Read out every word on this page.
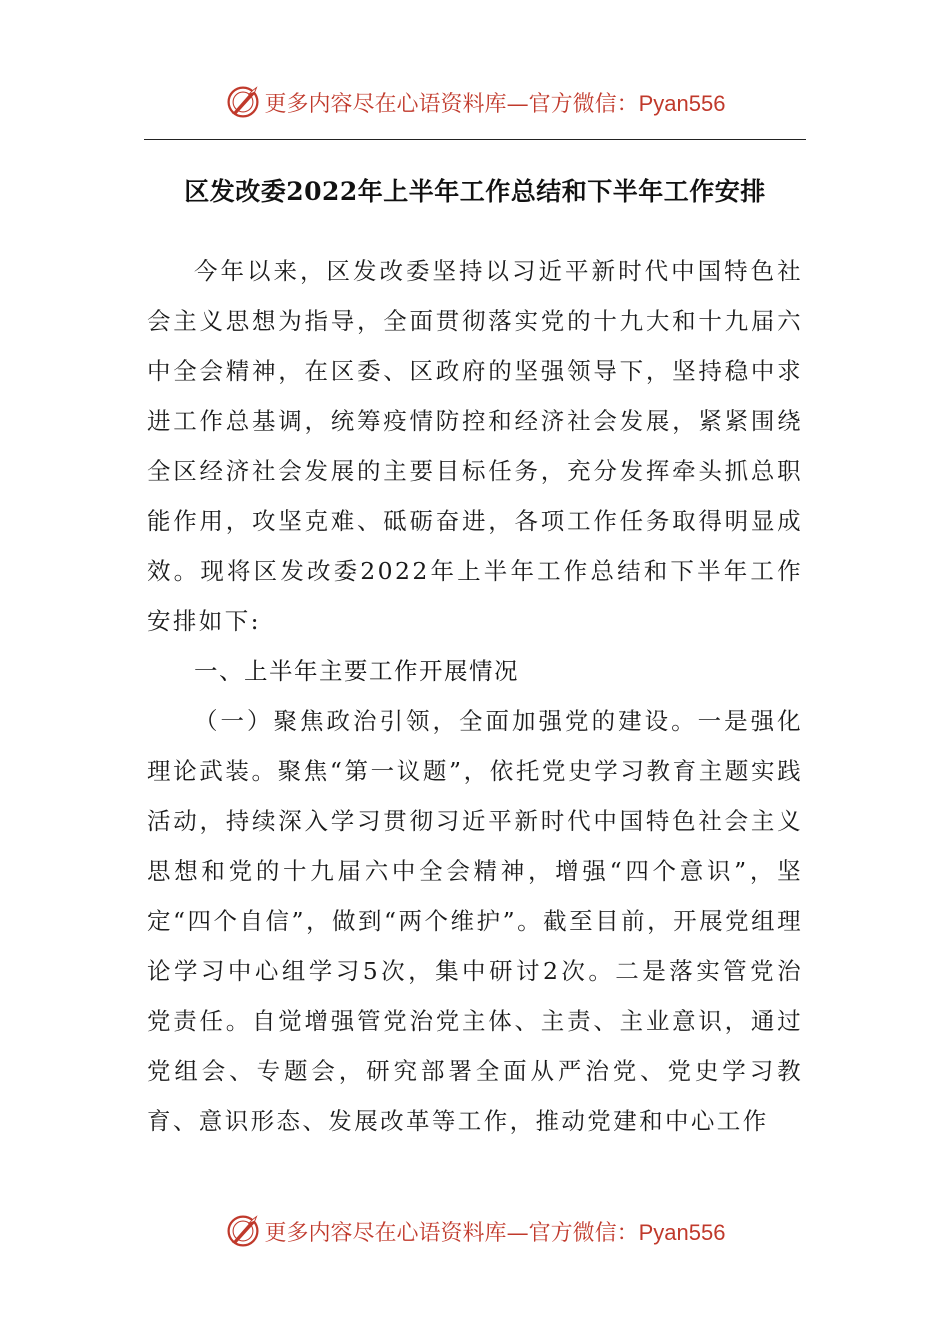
更多内容尽在心语资料库—官方微信：Pyan556
区发改委2022年上半年工作总结和下半年工作安排

今年以来，区发改委坚持以习近平新时代中国特色社会主义思想为指导，全面贯彻落实党的十九大和十九届六中全会精神，在区委、区政府的坚强领导下，坚持稳中求进工作总基调，统筹疫情防控和经济社会发展，紧紧围绕全区经济社会发展的主要目标任务，充分发挥牵头抓总职能作用，攻坚克难、砥砺奋进，各项工作任务取得明显成效。现将区发改委2022年上半年工作总结和下半年工作安排如下:

一、上半年主要工作开展情况

（一）聚焦政治引领，全面加强党的建设。一是强化理论武装。聚焦“第一议题”，依托党史学习教育主题实践活动，持续深入学习贯彻习近平新时代中国特色社会主义思想和党的十九届六中全会精神，增强“四个意识”，坚定“四个自信”，做到“两个维护”。截至目前，开展党组理论学习中心组学习5次，集中研讨2次。二是落实管党治党责任。自觉增强管党治党主体、主责、主业意识，通过党组会、专题会，研究部署全面从严治党、党史学习教育、意识形态、发展改革等工作，推动党建和中心工作

更多内容尽在心语资料库—官方微信：Pyan556
